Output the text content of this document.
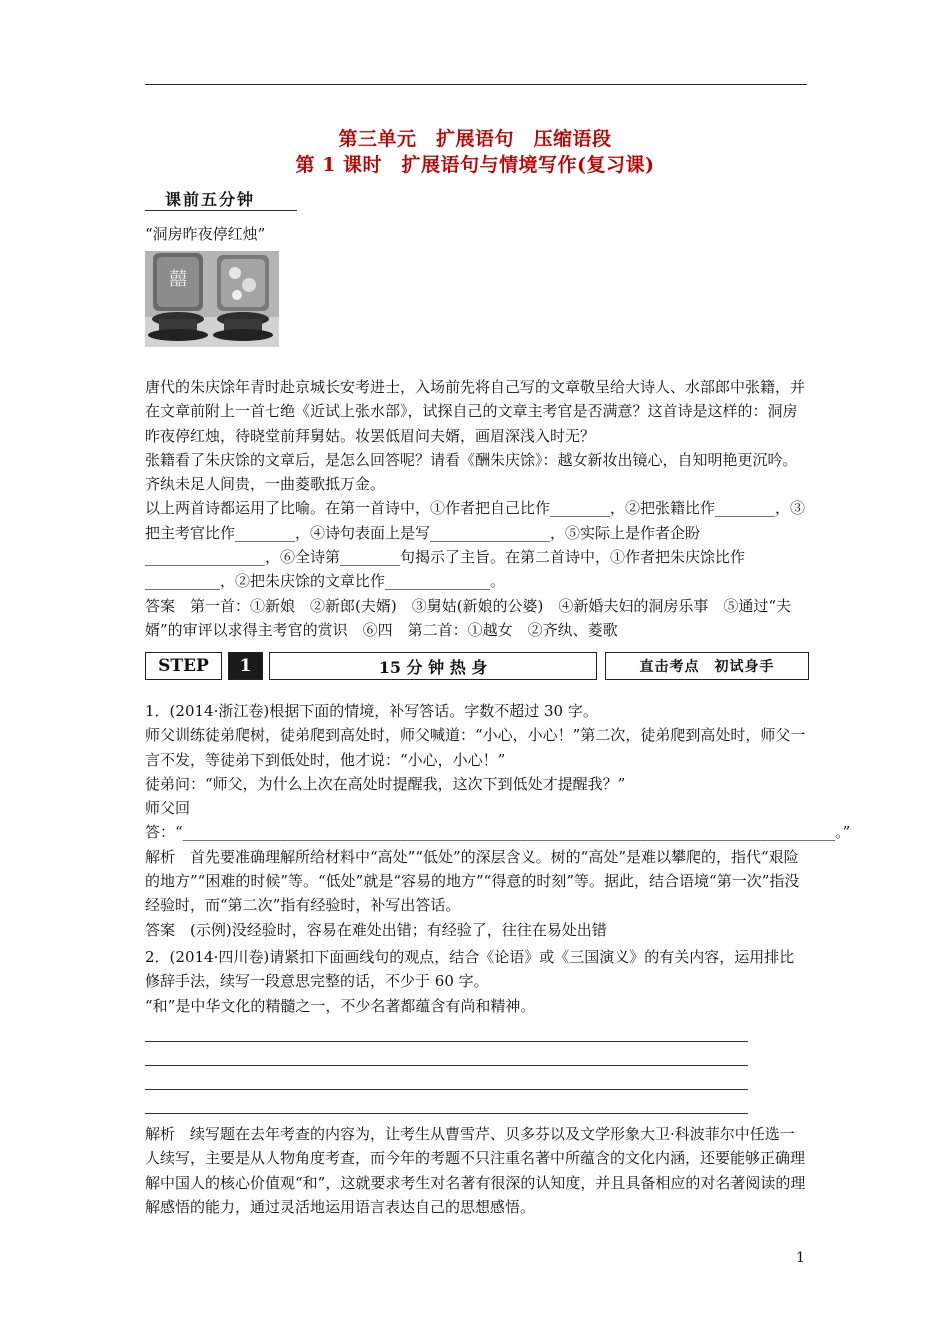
第三单元　扩展语句　压缩语段
第 1 课时　扩展语句与情境写作(复习课)
课前五分钟

“洞房昨夜停红烛”

囍

唐代的朱庆馀年青时赴京城长安考进士，入场前先将自己写的文章敬呈给大诗人、水部郎中张籍，并在文章前附上一首七绝《近试上张水部》，试探自己的文章主考官是否满意？这首诗是这样的：洞房昨夜停红烛，待晓堂前拜舅姑。妆罢低眉问夫婿，画眉深浅入时无？

张籍看了朱庆馀的文章后，是怎么回答呢？请看《酬朱庆馀》：越女新妆出镜心，自知明艳更沉吟。齐纨未足人间贵，一曲菱歌抵万金。

以上两首诗都运用了比喻。在第一首诗中，①作者把自己比作________，②把张籍比作________，③把主考官比作________，④诗句表面上是写________________，⑤实际上是作者企盼________________，⑥全诗第________句揭示了主旨。在第二首诗中，①作者把朱庆馀比作__________，②把朱庆馀的文章比作______________。

答案　第一首：①新娘　②新郎(夫婿)　③舅姑(新娘的公婆)　④新婚夫妇的洞房乐事　⑤通过“夫婿”的审评以求得主考官的赏识　⑥四　第二首：①越女　②齐纨、菱歌

STEP	1	15 分 钟 热 身	直击考点　初试身手

1．(2014·浙江卷)根据下面的情境，补写答话。字数不超过 30 字。

师父训练徒弟爬树，徒弟爬到高处时，师父喊道：“小心，小心！”第二次，徒弟爬到高处时，师父一言不发，等徒弟下到低处时，他才说：“小心，小心！”

徒弟问：“师父，为什么上次在高处时提醒我，这次下到低处才提醒我？”

师父回答：“_______________________________________________________________________________________。”

解析　首先要准确理解所给材料中“高处”“低处”的深层含义。树的“高处”是难以攀爬的，指代“艰险的地方”“困难的时候”等。“低处”就是“容易的地方”“得意的时刻”等。据此，结合语境“第一次”指没经验时，而“第二次”指有经验时，补写出答话。

答案　(示例)没经验时，容易在难处出错；有经验了，往往在易处出错

2．(2014·四川卷)请紧扣下面画线句的观点，结合《论语》或《三国演义》的有关内容，运用排比修辞手法，续写一段意思完整的话，不少于 60 字。

“和”是中华文化的精髓之一，不少名著都蕴含有尚和精神。

解析　续写题在去年考查的内容为，让考生从曹雪芹、贝多芬以及文学形象大卫·科波菲尔中任选一人续写，主要是从人物角度考查，而今年的考题不只注重名著中所蕴含的文化内涵，还要能够正确理解中国人的核心价值观“和”，这就要求考生对名著有很深的认知度，并且具备相应的对名著阅读的理解感悟的能力，通过灵活地运用语言表达自己的思想感悟。

1
